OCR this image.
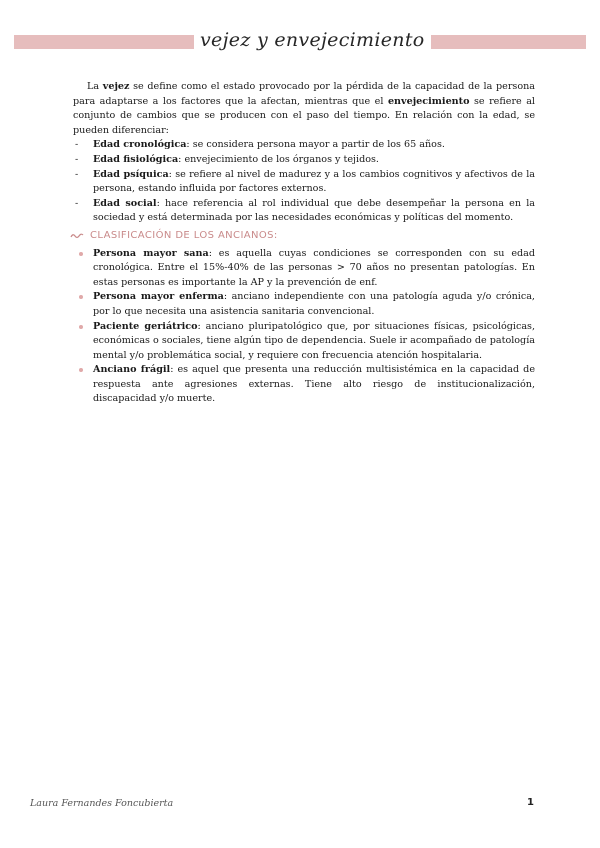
vejez y envejecimiento

La vejez se define como el estado provocado por la pérdida de la capacidad de la persona para adaptarse a los factores que la afectan, mientras que el envejecimiento se refiere al conjunto de cambios que se producen con el paso del tiempo. En relación con la edad, se pueden diferenciar:

- Edad cronológica: se considera persona mayor a partir de los 65 años.
- Edad fisiológica: envejecimiento de los órganos y tejidos.
- Edad psíquica: se refiere al nivel de madurez y a los cambios cognitivos y afectivos de la persona, estando influida por factores externos.
- Edad social: hace referencia al rol individual que debe desempeñar la persona en la sociedad y está determinada por las necesidades económicas y políticas del momento.
CLASIFICACIÓN DE LOS ANCIANOS:
Persona mayor sana: es aquella cuyas condiciones se corresponden con su edad cronológica. Entre el 15%-40% de las personas > 70 años no presentan patologías. En estas personas es importante la AP y la prevención de enf.
Persona mayor enferma: anciano independiente con una patología aguda y/o crónica, por lo que necesita una asistencia sanitaria convencional.
Paciente geriátrico: anciano pluripatológico que, por situaciones físicas, psicológicas, económicas o sociales, tiene algún tipo de dependencia. Suele ir acompañado de patología mental y/o problemática social, y requiere con frecuencia atención hospitalaria.
Anciano frágil: es aquel que presenta una reducción multisistémica en la capacidad de respuesta ante agresiones externas. Tiene alto riesgo de institucionalización, discapacidad y/o muerte.
Laura Fernandes Foncubierta	1
